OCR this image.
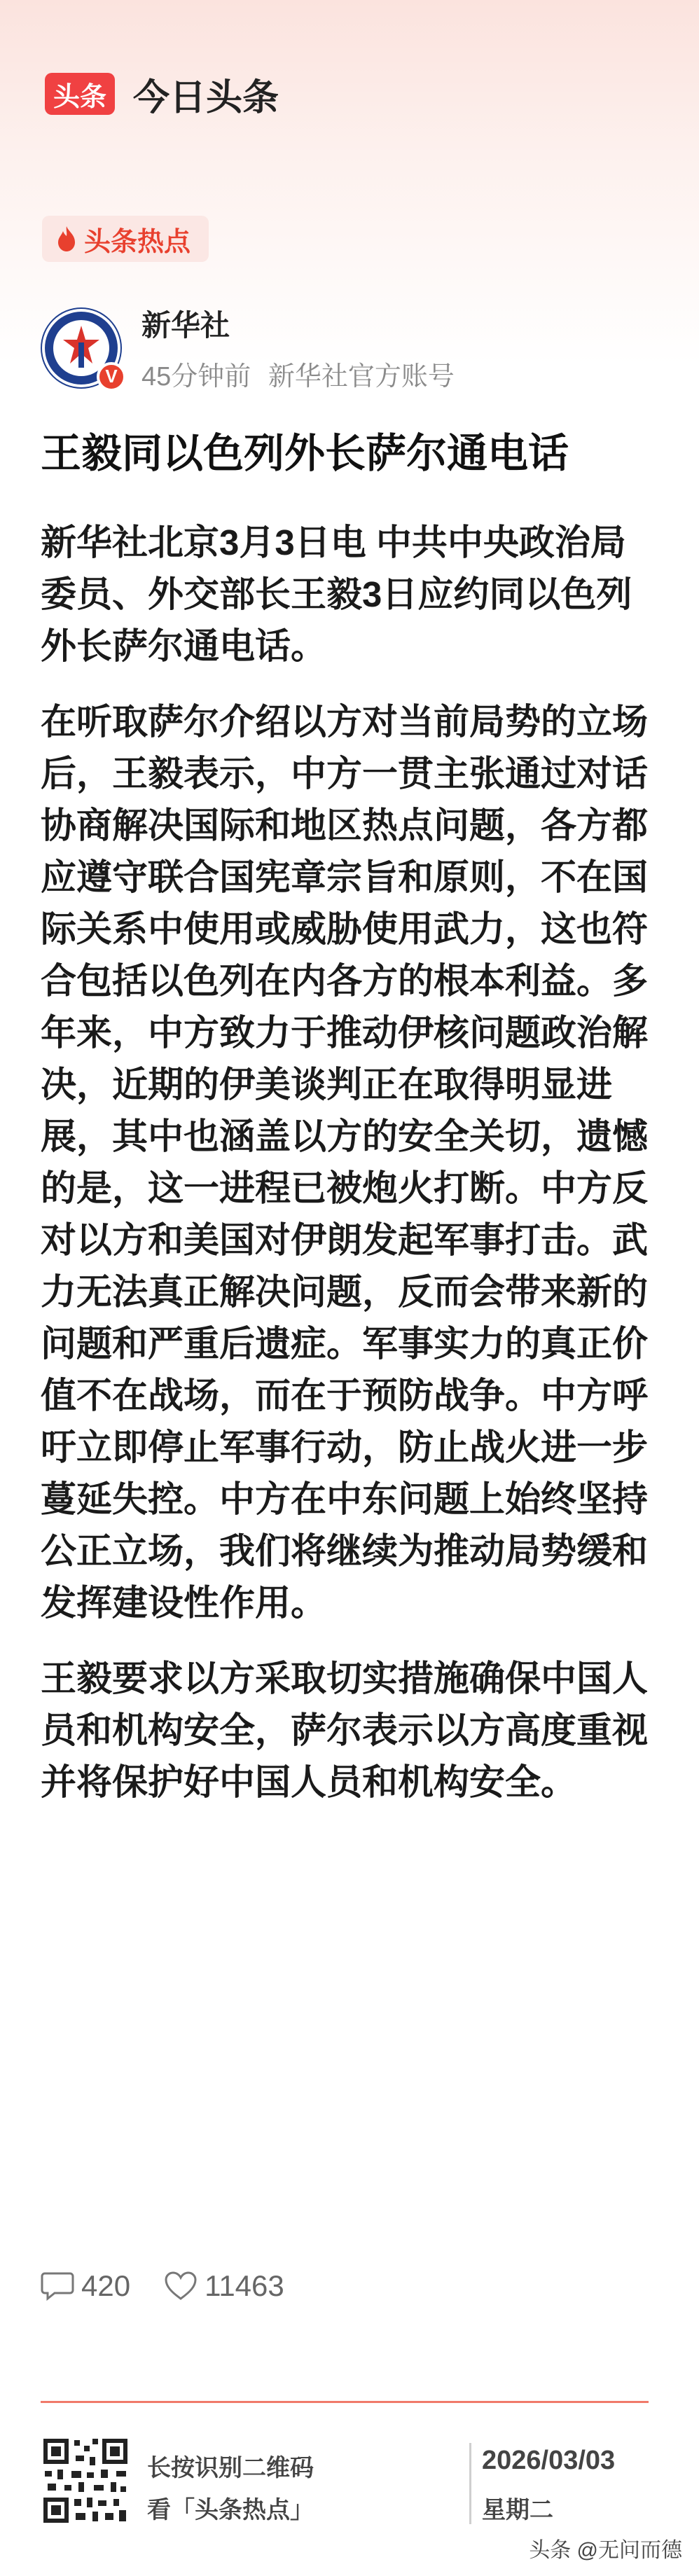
头条 今日头条
头条热点
V
新华社
45分钟前 新华社官方账号
王毅同以色列外长萨尔通电话

新华社北京3月3日电 中共中央政治局委员、外交部长王毅3日应约同以色列外长萨尔通电话。

在听取萨尔介绍以方对当前局势的立场后，王毅表示，中方一贯主张通过对话协商解决国际和地区热点问题，各方都应遵守联合国宪章宗旨和原则，不在国际关系中使用或威胁使用武力，这也符合包括以色列在内各方的根本利益。多年来，中方致力于推动伊核问题政治解决，近期的伊美谈判正在取得明显进展，其中也涵盖以方的安全关切，遗憾的是，这一进程已被炮火打断。中方反对以方和美国对伊朗发起军事打击。武力无法真正解决问题，反而会带来新的问题和严重后遗症。军事实力的真正价值不在战场，而在于预防战争。中方呼吁立即停止军事行动，防止战火进一步蔓延失控。中方在中东问题上始终坚持公正立场，我们将继续为推动局势缓和发挥建设性作用。

王毅要求以方采取切实措施确保中国人员和机构安全，萨尔表示以方高度重视并将保护好中国人员和机构安全。

420	11463
长按识别二维码
看「头条热点」
2026/03/03
星期二
头条 @无问而德
